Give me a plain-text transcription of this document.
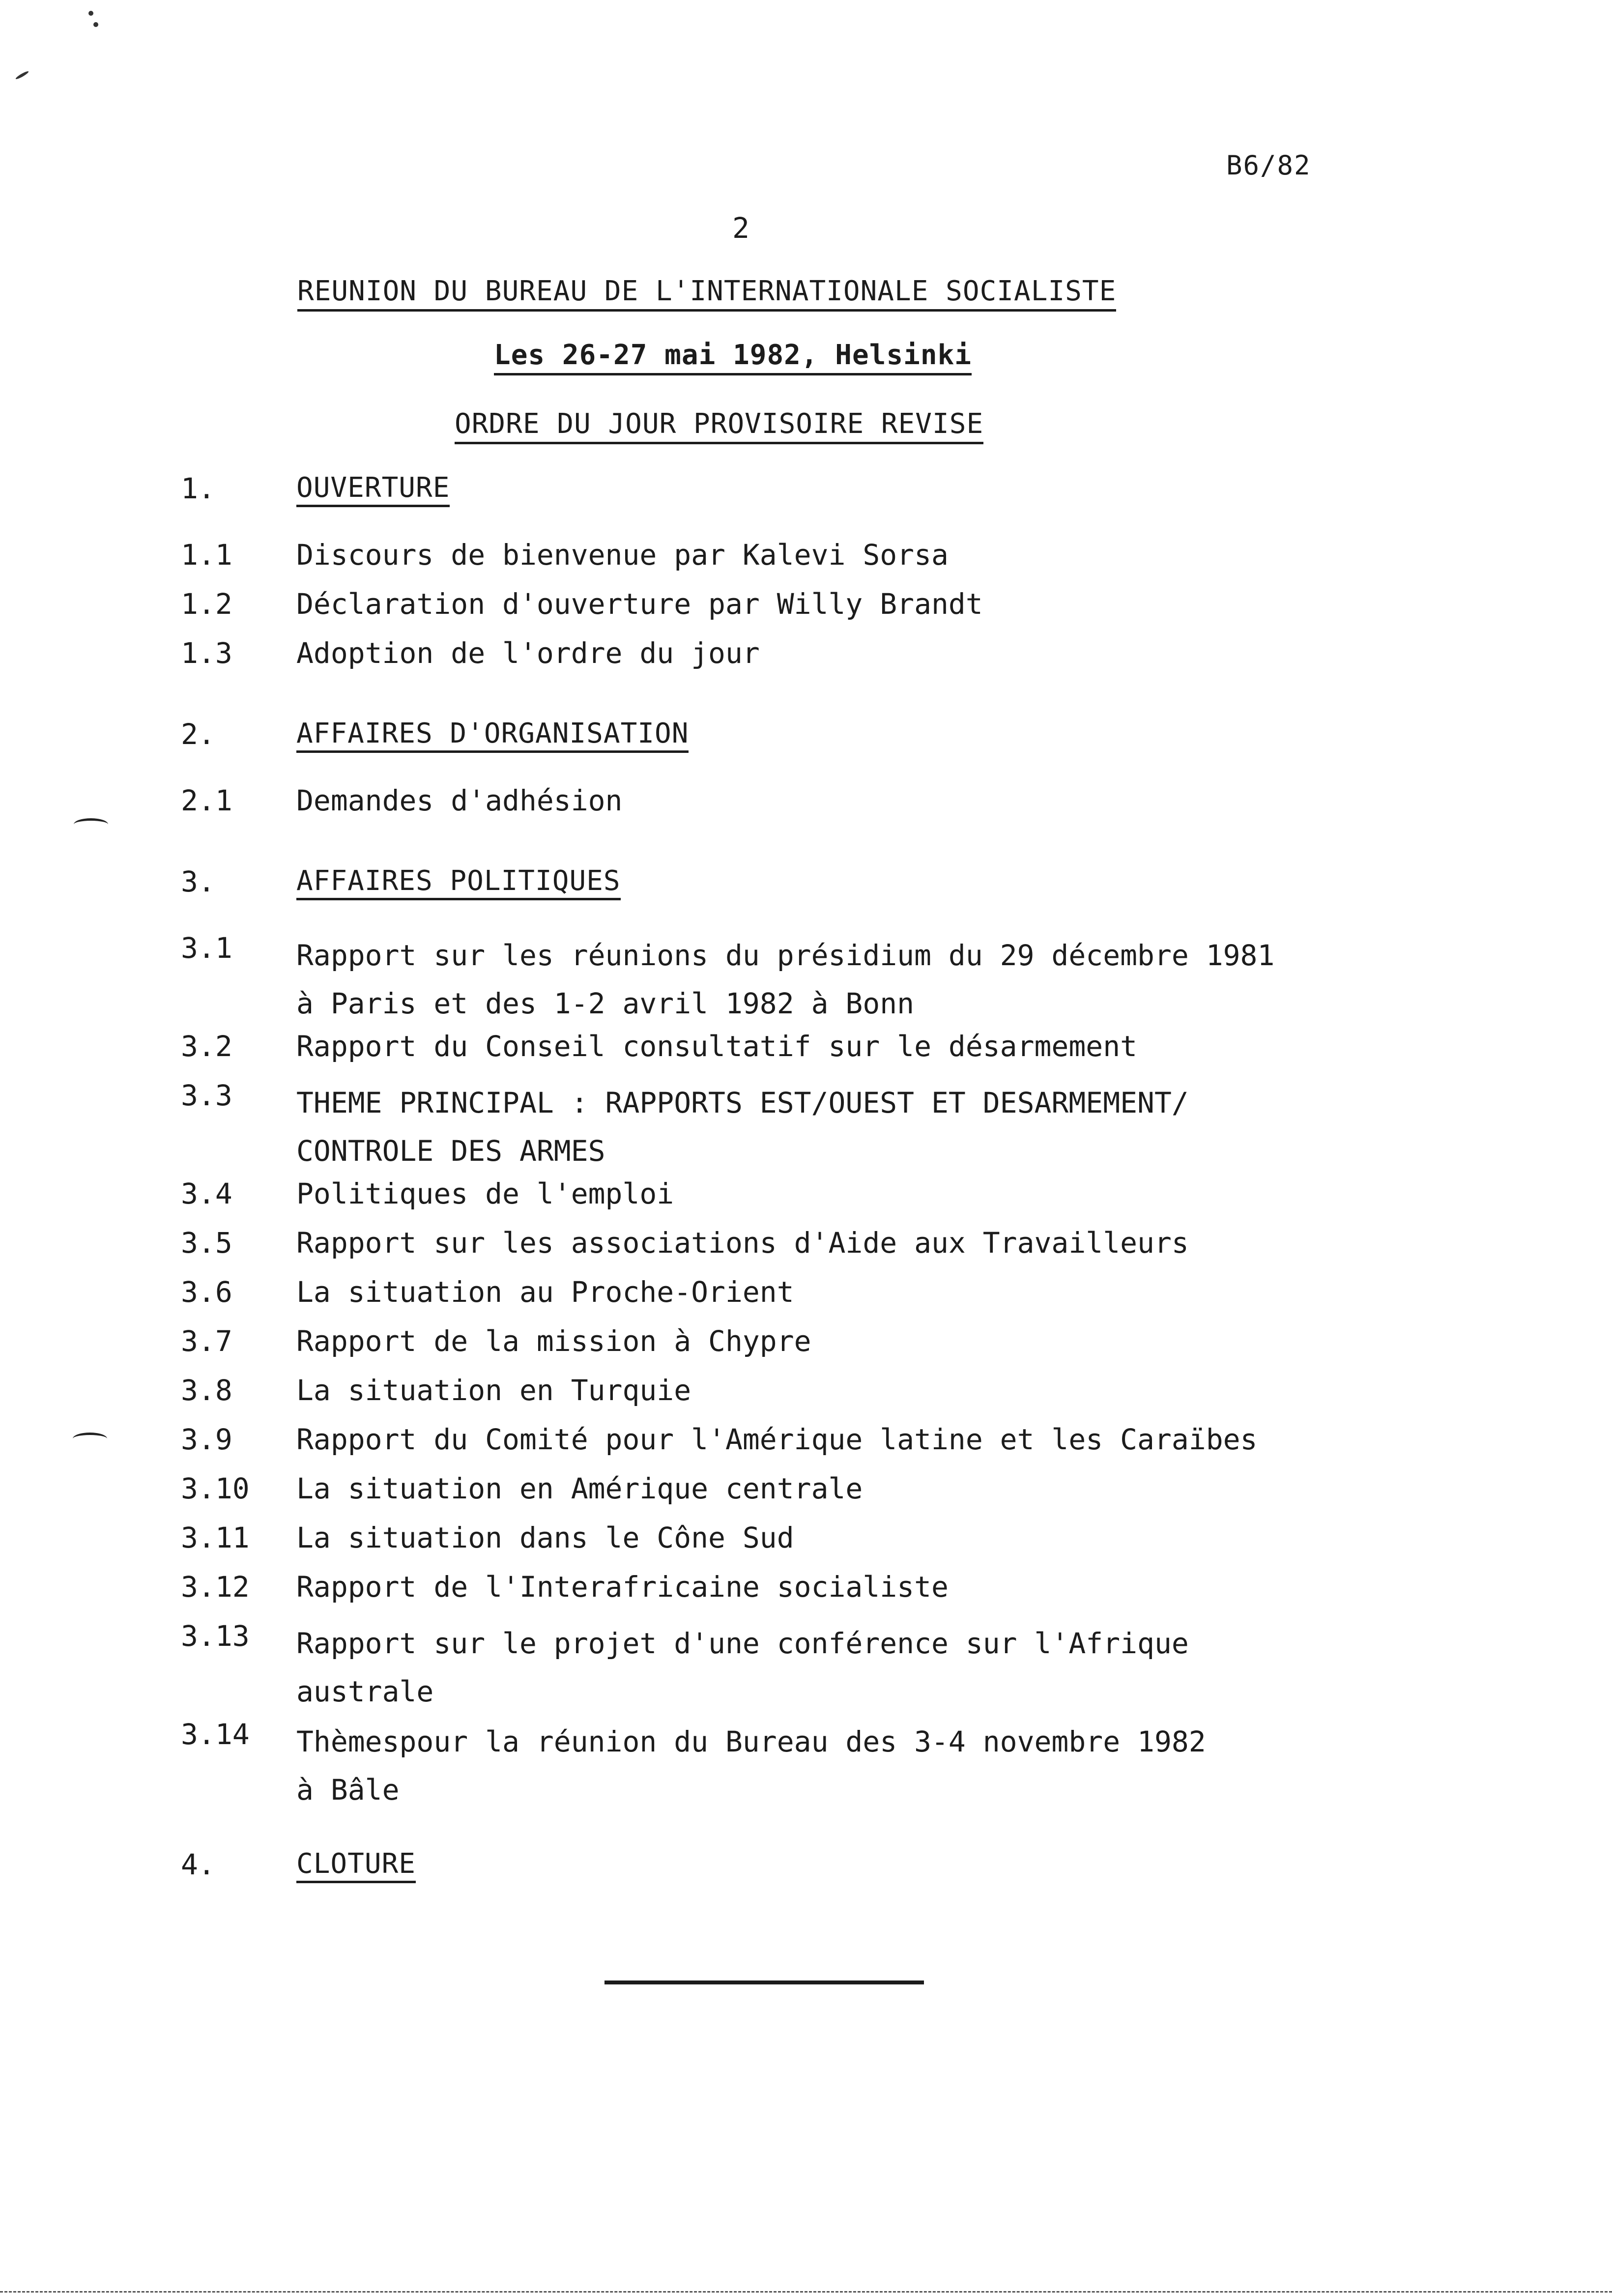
B6/82
2
REUNION DU BUREAU DE L'INTERNATIONALE SOCIALISTE
Les 26-27 mai 1982, Helsinki
ORDRE DU JOUR PROVISOIRE REVISE
1.	OUVERTURE
1.1 Discours de bienvenue par Kalevi Sorsa
1.2 Déclaration d'ouverture par Willy Brandt
1.3 Adoption de l'ordre du jour
2.	AFFAIRES D'ORGANISATION
2.1 Demandes d'adhésion
3.	AFFAIRES POLITIQUES
3.1 Rapport sur les réunions du présidium du 29 décembre 1981
à Paris et des 1-2 avril 1982 à Bonn
3.2 Rapport du Conseil consultatif sur le désarmement
3.3 THEME PRINCIPAL : RAPPORTS EST/OUEST ET DESARMEMENT/
CONTROLE DES ARMES
3.4 Politiques de l'emploi
3.5 Rapport sur les associations d'Aide aux Travailleurs
3.6 La situation au Proche-Orient
3.7 Rapport de la mission à Chypre
3.8 La situation en Turquie
3.9 Rapport du Comité pour l'Amérique latine et les Caraïbes
3.10 La situation en Amérique centrale
3.11 La situation dans le Cône Sud
3.12 Rapport de l'Interafricaine socialiste
3.13 Rapport sur le projet d'une conférence sur l'Afrique
australe
3.14 Thèmespour la réunion du Bureau des 3-4 novembre 1982
à Bâle
4.	CLOTURE
